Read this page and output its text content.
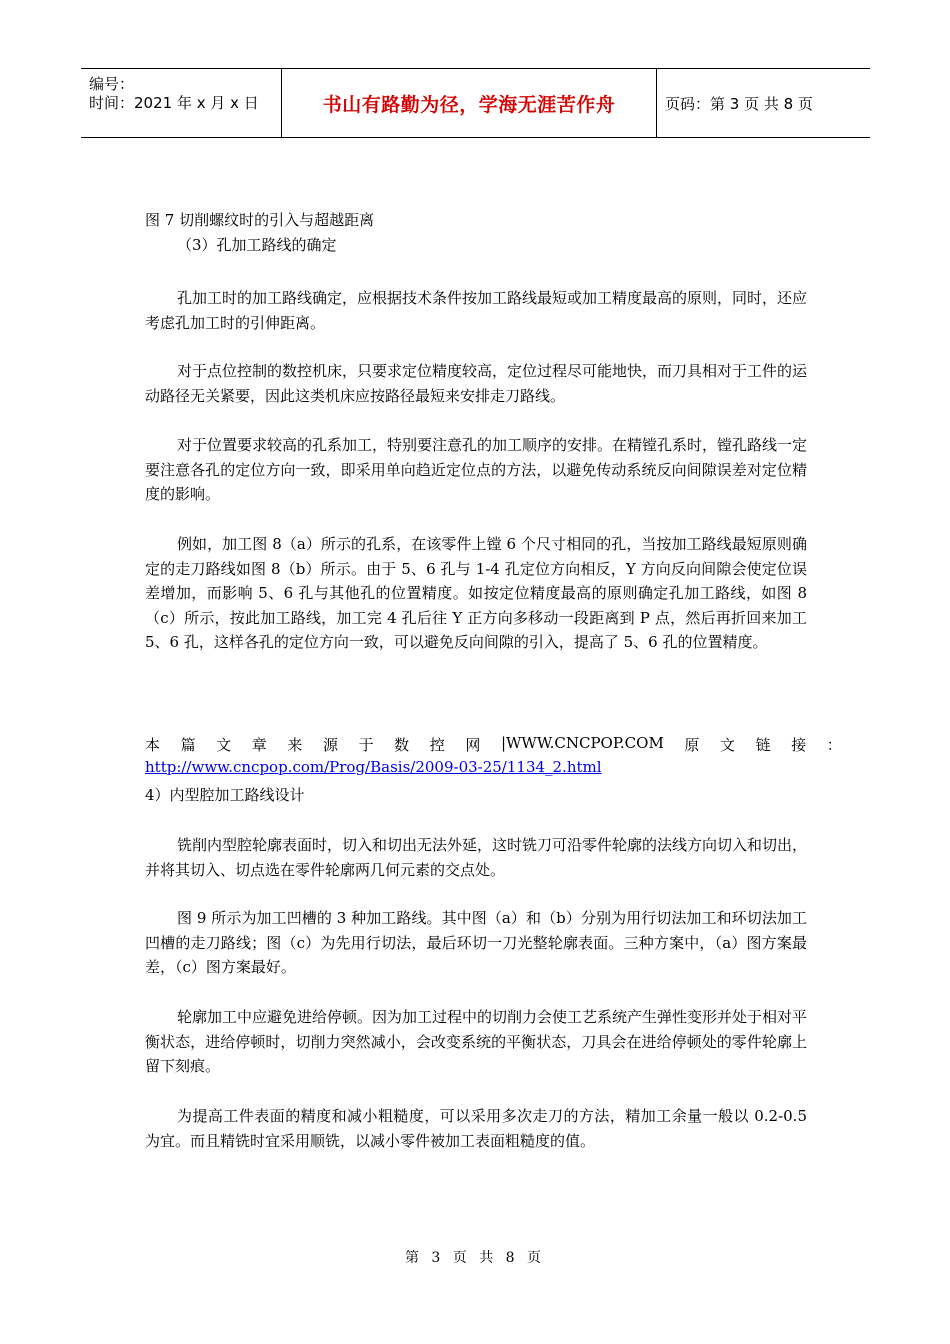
编号：
时间：2021 年 x 月 x 日	书山有路勤为径，学海无涯苦作舟	页码：第 3 页 共 8 页
图 7 切削螺纹时的引入与超越距离
（3）孔加工路线的确定

孔加工时的加工路线确定，应根据技术条件按加工路线最短或加工精度最高的原则，同时，还应考虑孔加工时的引伸距离。

对于点位控制的数控机床，只要求定位精度较高，定位过程尽可能地快，而刀具相对于工件的运动路径无关紧要，因此这类机床应按路径最短来安排走刀路线。

对于位置要求较高的孔系加工，特别要注意孔的加工顺序的安排。在精镗孔系时，镗孔路线一定要注意各孔的定位方向一致，即采用单向趋近定位点的方法，以避免传动系统反向间隙误差对定位精度的影响。

例如，加工图 8（a）所示的孔系，在该零件上镗 6 个尺寸相同的孔，当按加工路线最短原则确定的走刀路线如图 8（b）所示。由于 5、6 孔与 1-4 孔定位方向相反，Y 方向反向间隙会使定位误差增加，而影响 5、6 孔与其他孔的位置精度。如按定位精度最高的原则确定孔加工路线，如图 8（c）所示，按此加工路线，加工完 4 孔后往 Y 正方向多移动一段距离到 P 点，然后再折回来加工 5、6 孔，这样各孔的定位方向一致，可以避免反向间隙的引入，提高了 5、6 孔的位置精度。

本 篇 文 章 来 源 于 数 控 网 |WWW.CNCPOP.COM 原 文 链 接 ：
http://www.cncpop.com/Prog/Basis/2009-03-25/1134_2.html
4）内型腔加工路线设计

铣削内型腔轮廓表面时，切入和切出无法外延，这时铣刀可沿零件轮廓的法线方向切入和切出，并将其切入、切点选在零件轮廓两几何元素的交点处。

图 9 所示为加工凹槽的 3 种加工路线。其中图（a）和（b）分别为用行切法加工和环切法加工凹槽的走刀路线；图（c）为先用行切法，最后环切一刀光整轮廓表面。三种方案中，（a）图方案最差，（c）图方案最好。

轮廓加工中应避免进给停顿。因为加工过程中的切削力会使工艺系统产生弹性变形并处于相对平衡状态，进给停顿时，切削力突然减小，会改变系统的平衡状态，刀具会在进给停顿处的零件轮廓上留下刻痕。

为提高工件表面的精度和减小粗糙度，可以采用多次走刀的方法，精加工余量一般以 0.2-0.5 为宜。而且精铣时宜采用顺铣，以减小零件被加工表面粗糙度的值。

第 3 页 共 8 页
